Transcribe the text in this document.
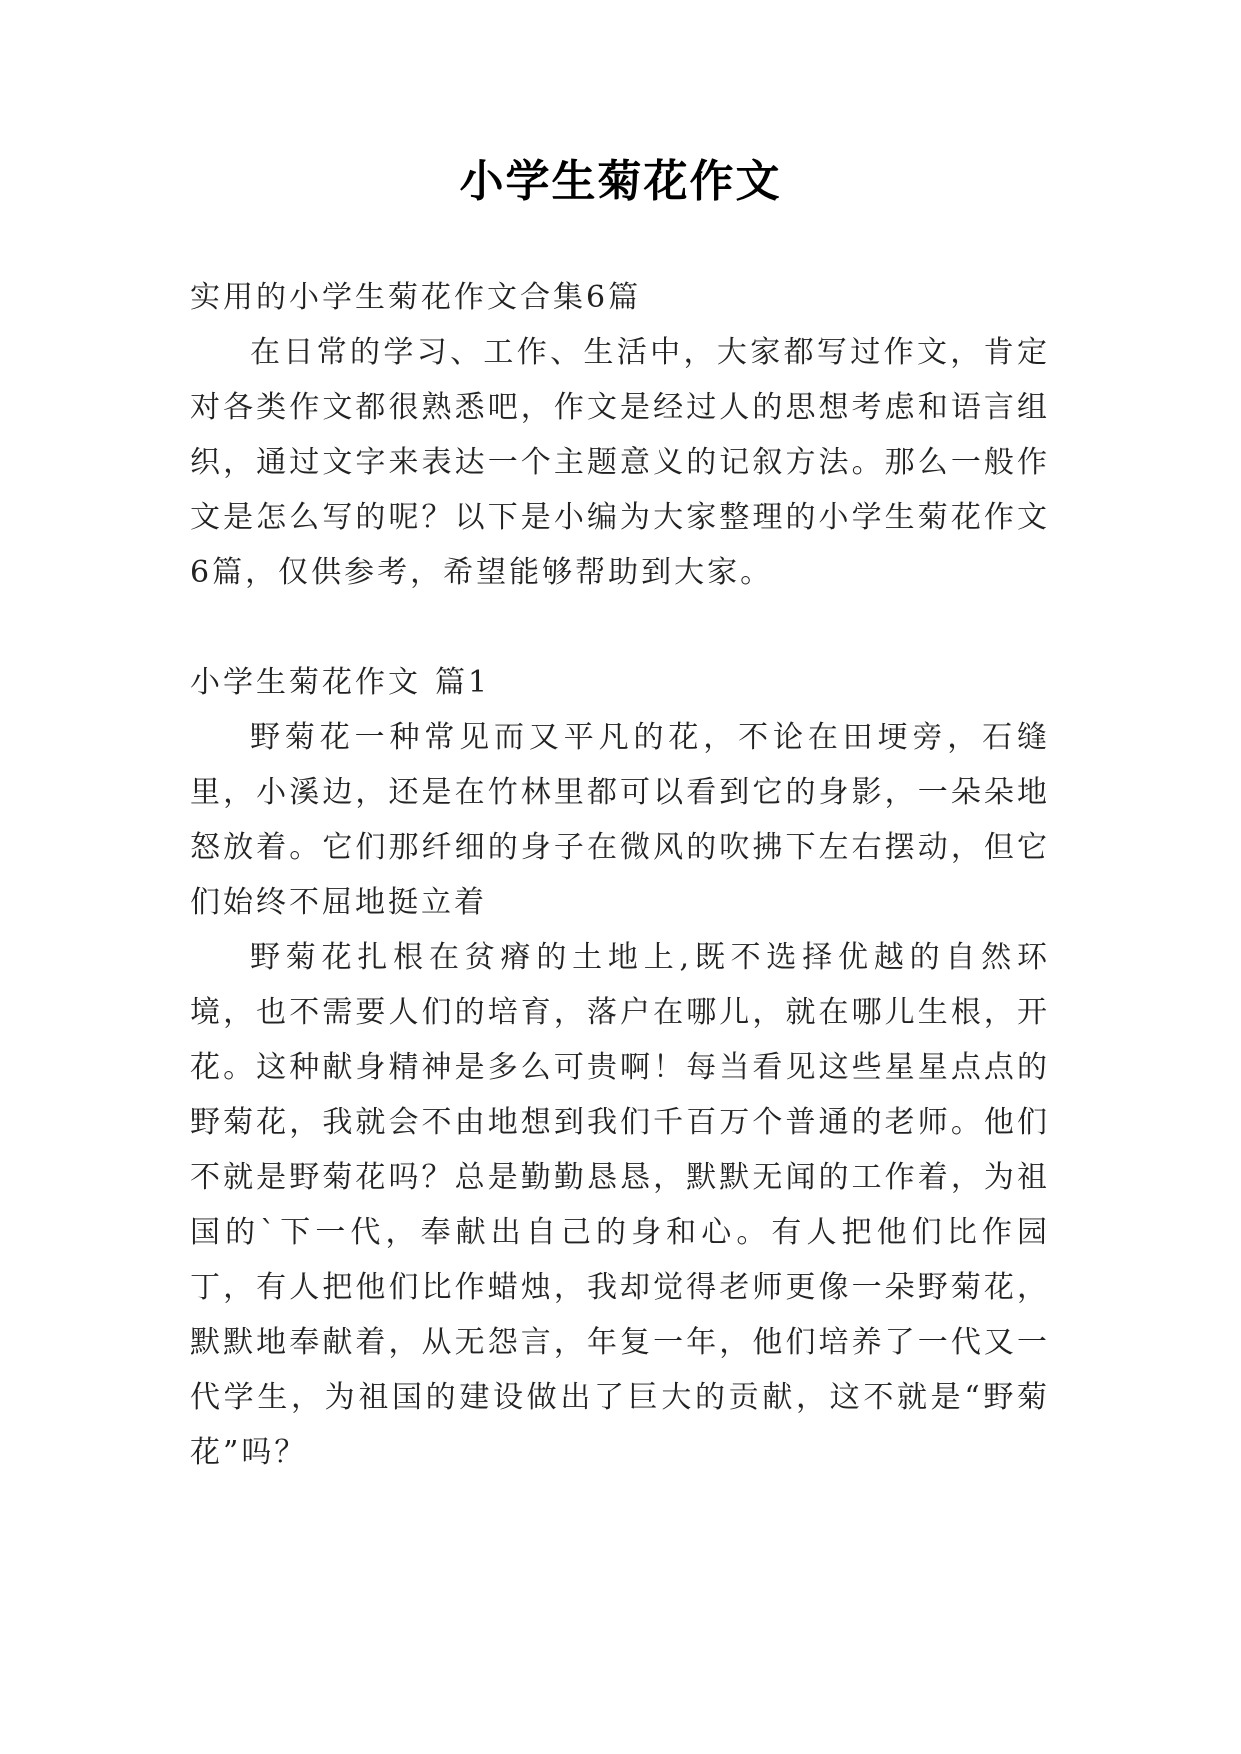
小学生菊花作文

实用的小学生菊花作文合集6篇

在日常的学习、工作、生活中，大家都写过作文，肯定对各类作文都很熟悉吧，作文是经过人的思想考虑和语言组织，通过文字来表达一个主题意义的记叙方法。那么一般作文是怎么写的呢？以下是小编为大家整理的小学生菊花作文6篇，仅供参考，希望能够帮助到大家。

小学生菊花作文 篇1

野菊花一种常见而又平凡的花，不论在田埂旁，石缝里，小溪边，还是在竹林里都可以看到它的身影，一朵朵地怒放着。它们那纤细的身子在微风的吹拂下左右摆动，但它们始终不屈地挺立着

野菊花扎根在贫瘠的土地上,既不选择优越的自然环境，也不需要人们的培育，落户在哪儿，就在哪儿生根，开花。这种献身精神是多么可贵啊！每当看见这些星星点点的野菊花，我就会不由地想到我们千百万个普通的老师。他们不就是野菊花吗？总是勤勤恳恳，默默无闻的工作着，为祖国的`下一代，奉献出自己的身和心。有人把他们比作园丁，有人把他们比作蜡烛，我却觉得老师更像一朵野菊花，默默地奉献着，从无怨言，年复一年，他们培养了一代又一代学生，为祖国的建设做出了巨大的贡献，这不就是“野菊花”吗？
